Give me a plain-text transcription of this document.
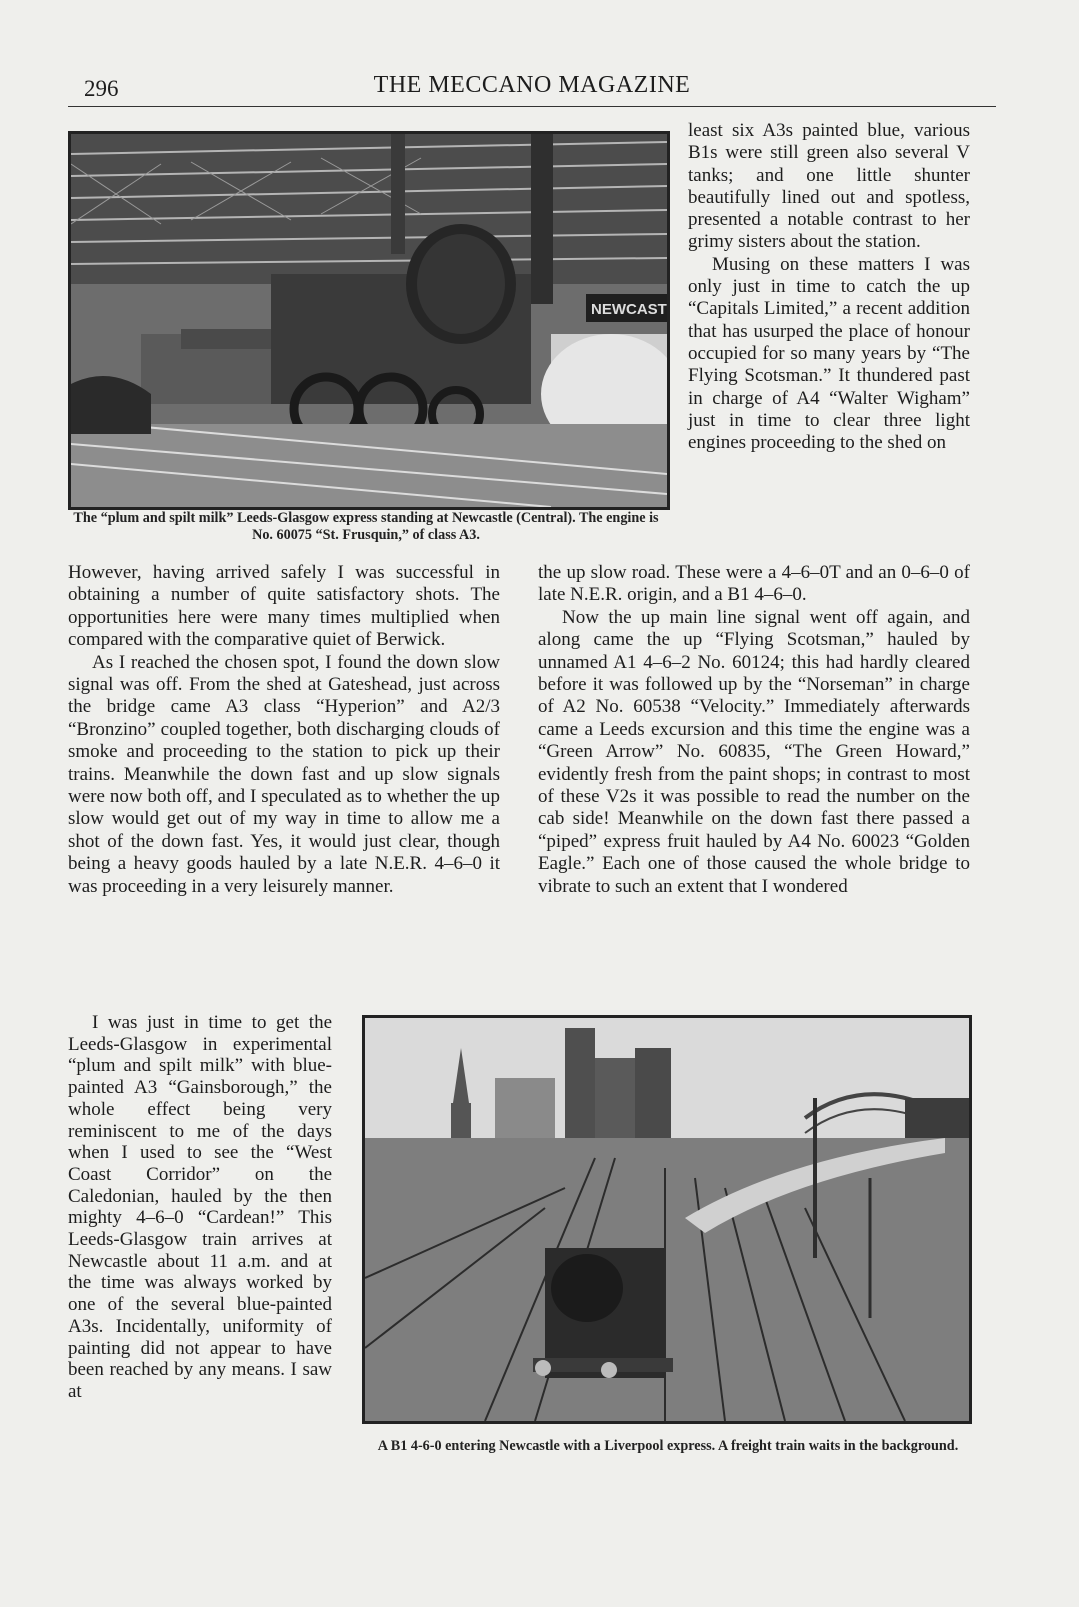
296	THE MECCANO MAGAZINE
NEWCAST
The “plum and spilt milk” Leeds-Glasgow express standing at Newcastle (Central). The engine is No. 60075 “St. Frusquin,” of class A3.

least six A3s painted blue, various B1s were still green also several V tanks; and one little shunter beautifully lined out and spotless, presented a notable contrast to her grimy sisters about the station.

Musing on these matters I was only just in time to catch the up “Capitals Limited,” a recent addition that has usurped the place of honour occupied for so many years by “The Flying Scotsman.” It thundered past in charge of A4 “Walter Wigham” just in time to clear three light engines proceeding to the shed on

However, having arrived safely I was successful in obtaining a number of quite satisfactory shots. The opportunities here were many times multiplied when compared with the comparative quiet of Berwick.

As I reached the chosen spot, I found the down slow signal was off. From the shed at Gateshead, just across the bridge came A3 class “Hyperion” and A2/3 “Bronzino” coupled together, both discharging clouds of smoke and proceeding to the station to pick up their trains. Meanwhile the down fast and up slow signals were now both off, and I speculated as to whether the up slow would get out of my way in time to allow me a shot of the down fast. Yes, it would just clear, though being a heavy goods hauled by a late N.E.R. 4–6–0 it was proceeding in a very leisurely manner.

the up slow road. These were a 4–6–0T and an 0–6–0 of late N.E.R. origin, and a B1 4–6–0.

Now the up main line signal went off again, and along came the up “Flying Scotsman,” hauled by unnamed A1 4–6–2 No. 60124; this had hardly cleared before it was followed up by the “Norseman” in charge of A2 No. 60538 “Velocity.” Immediately afterwards came a Leeds excursion and this time the engine was a “Green Arrow” No. 60835, “The Green Howard,” evidently fresh from the paint shops; in contrast to most of these V2s it was possible to read the number on the cab side! Meanwhile on the down fast there passed a “piped” express fruit hauled by A4 No. 60023 “Golden Eagle.” Each one of those caused the whole bridge to vibrate to such an extent that I wondered

I was just in time to get the Leeds-Glasgow in experimental “plum and spilt milk” with blue-painted A3 “Gainsborough,” the whole effect being very reminiscent to me of the days when I used to see the “West Coast Corridor” on the Caledonian, hauled by the then mighty 4–6–0 “Cardean!” This Leeds-Glasgow train arrives at Newcastle about 11 a.m. and at the time was always worked by one of the several blue-painted A3s. Incidentally, uniformity of painting did not appear to have been reached by any means. I saw at

A B1 4-6-0 entering Newcastle with a Liverpool express. A freight train waits in the background.
